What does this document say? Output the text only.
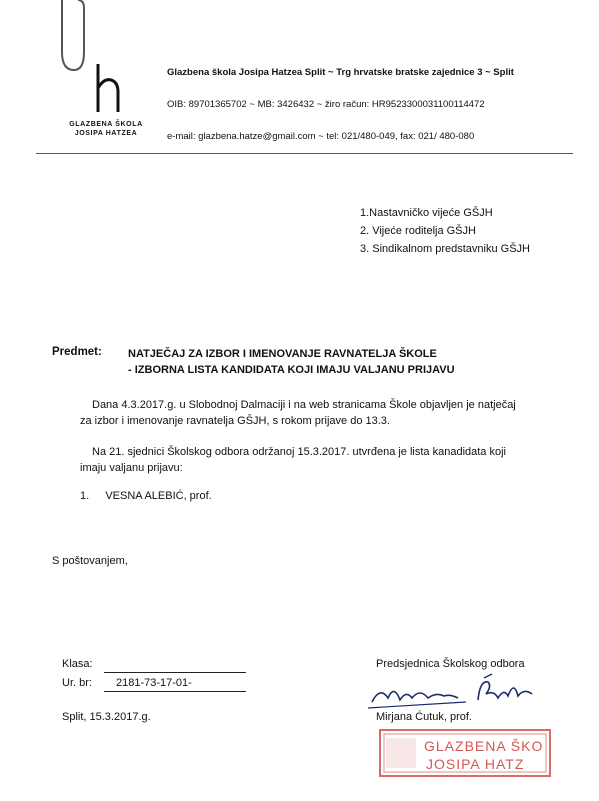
GLAZBENA ŠKOLA
JOSIPA HATZEA
Glazbena škola Josipa Hatzea Split ~ Trg hrvatske bratske zajednice 3 ~ Split
OIB: 89701365702 ~ MB: 3426432 ~ žiro račun: HR9523300031100114472
e-mail: glazbena.hatze@gmail.com ~ tel: 021/480-049, fax: 021/ 480-080
1.Nastavničko vijeće GŠJH
2. Vijeće roditelja GŠJH
3. Sindikalnom predstavniku GŠJH
Predmet: NATJEČAJ ZA IZBOR I IMENOVANJE RAVNATELJA ŠKOLE
- IZBORNA LISTA KANDIDATA KOJI IMAJU VALJANU PRIJAVU
Dana 4.3.2017.g. u Slobodnoj Dalmaciji i na web stranicama Škole objavljen je natječaj
za izbor i imenovanje ravnatelja GŠJH, s rokom prijave do 13.3.
Na 21. sjednici Školskog odbora održanoj 15.3.2017. utvrđena je lista kanadidata koji
imaju valjanu prijavu:
1. VESNA ALEBIĆ, prof.
S poštovanjem,
Klasa:
Ur. br: 2181-73-17-01-
Split, 15.3.2017.g.
Predsjednica Školskog odbora
Mirjana Ćutuk, prof.
GLAZBENA ŠKO
JOSIPA HATZ
